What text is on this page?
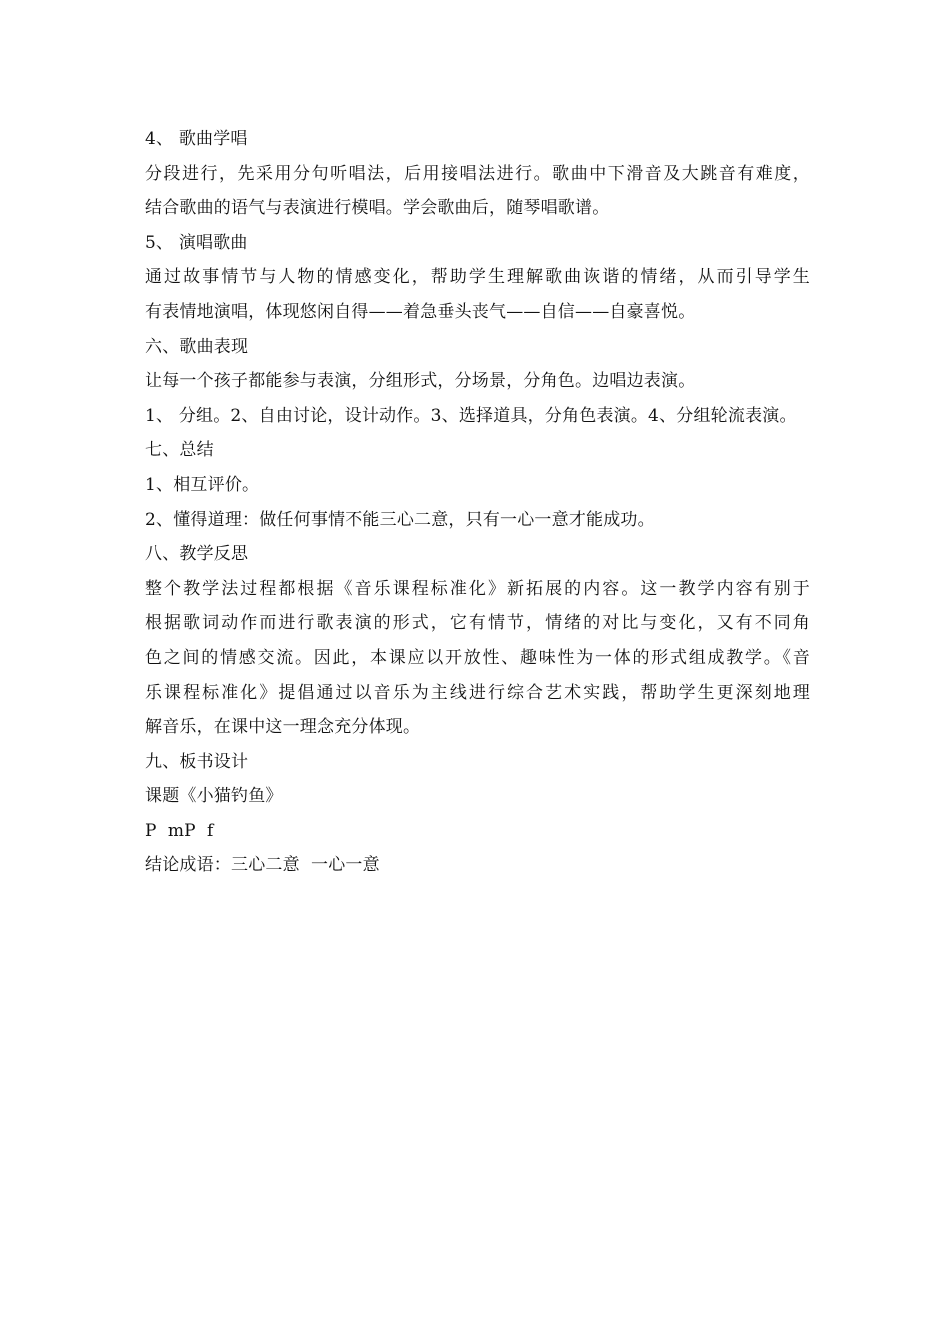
4、 歌曲学唱
分段进行，先采用分句听唱法，后用接唱法进行。歌曲中下滑音及大跳音有难度，
结合歌曲的语气与表演进行模唱。学会歌曲后，随琴唱歌谱。
5、 演唱歌曲
通过故事情节与人物的情感变化，帮助学生理解歌曲诙谐的情绪，从而引导学生
有表情地演唱，体现悠闲自得——着急垂头丧气——自信——自豪喜悦。
六、歌曲表现
让每一个孩子都能参与表演，分组形式，分场景，分角色。边唱边表演。
1、 分组。2、自由讨论，设计动作。3、选择道具，分角色表演。4、分组轮流表演。
七、总结
1、相互评价。
2、懂得道理：做任何事情不能三心二意，只有一心一意才能成功。
八、教学反思
整个教学法过程都根据《音乐课程标准化》新拓展的内容。这一教学内容有别于
根据歌词动作而进行歌表演的形式，它有情节，情绪的对比与变化，又有不同角
色之间的情感交流。因此，本课应以开放性、趣味性为一体的形式组成教学。《音
乐课程标准化》提倡通过以音乐为主线进行综合艺术实践，帮助学生更深刻地理
解音乐，在课中这一理念充分体现。
九、板书设计
课题《小猫钓鱼》
P  mP  f
结论成语：三心二意  一心一意
